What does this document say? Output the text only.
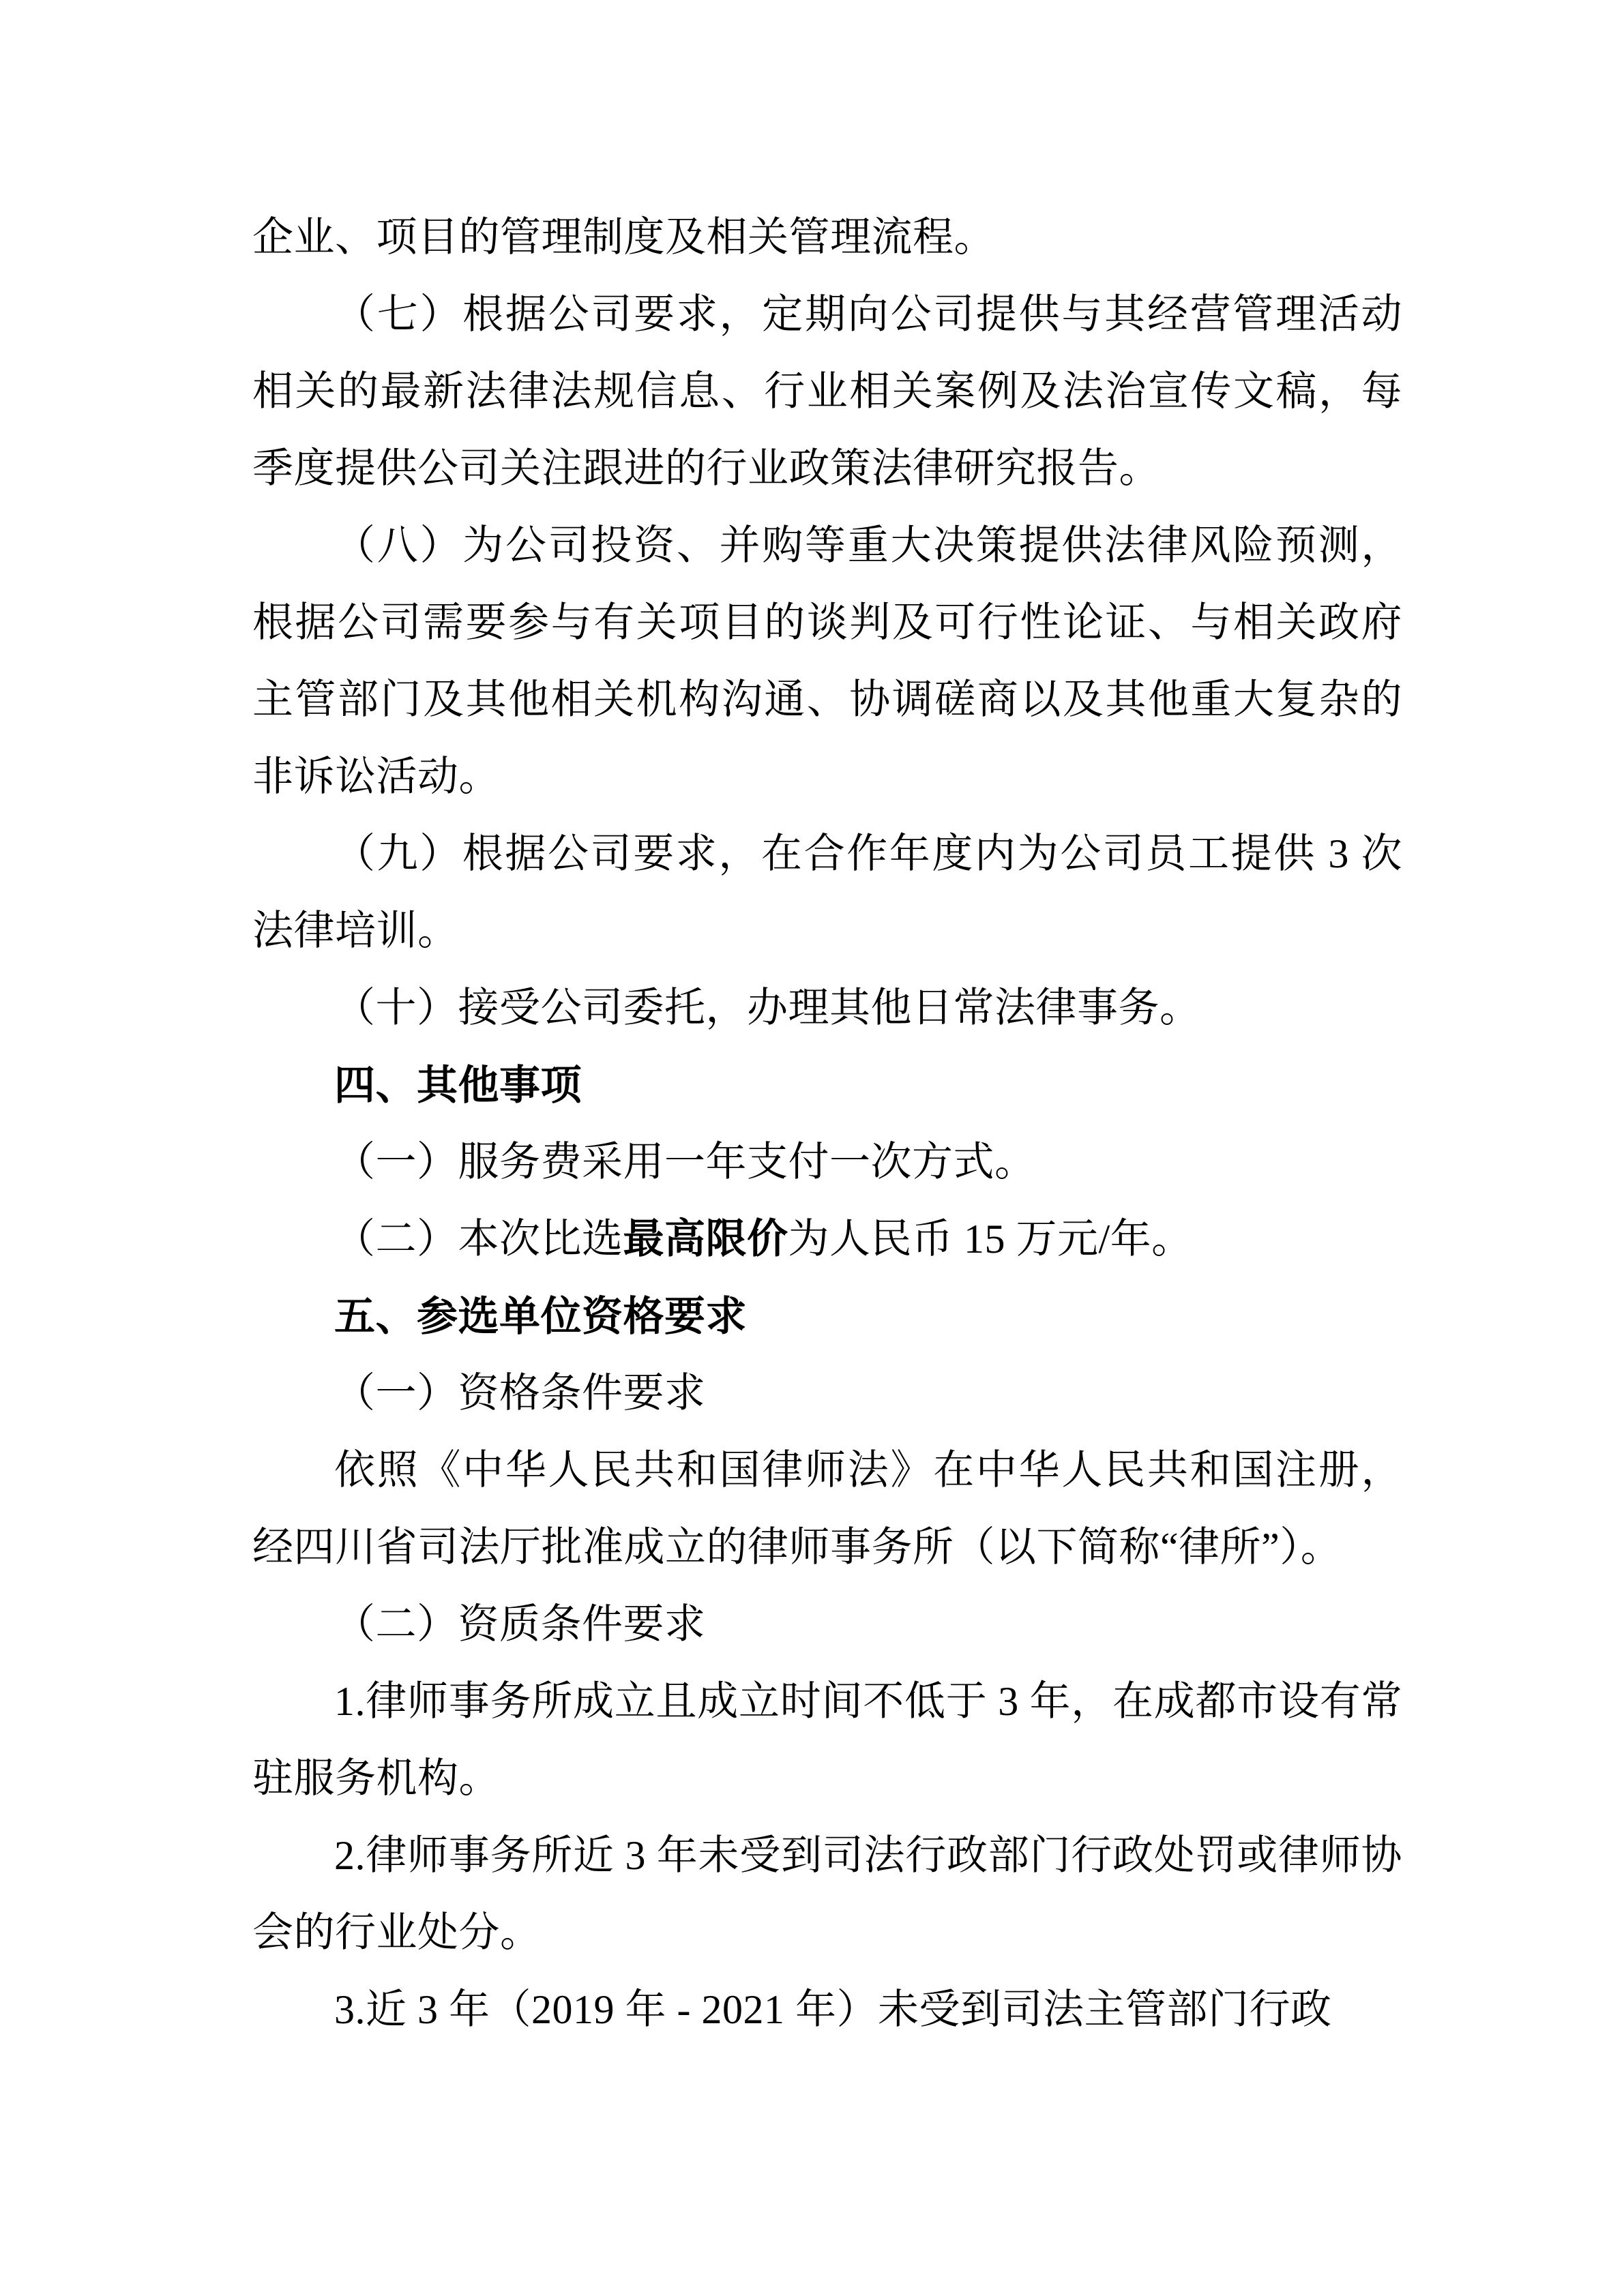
企业、项目的管理制度及相关管理流程。

（七）根据公司要求，定期向公司提供与其经营管理活动相关的最新法律法规信息、行业相关案例及法治宣传文稿，每季度提供公司关注跟进的行业政策法律研究报告。

（八）为公司投资、并购等重大决策提供法律风险预测，根据公司需要参与有关项目的谈判及可行性论证、与相关政府主管部门及其他相关机构沟通、协调磋商以及其他重大复杂的非诉讼活动。

（九）根据公司要求，在合作年度内为公司员工提供 3 次法律培训。

（十）接受公司委托，办理其他日常法律事务。

四、其他事项

（一）服务费采用一年支付一次方式。

（二）本次比选最高限价为人民币 15 万元/年。

五、参选单位资格要求

（一）资格条件要求

依照《中华人民共和国律师法》在中华人民共和国注册，经四川省司法厅批准成立的律师事务所（以下简称“律所”）。

（二）资质条件要求

1.律师事务所成立且成立时间不低于 3 年，在成都市设有常驻服务机构。

2.律师事务所近 3 年未受到司法行政部门行政处罚或律师协会的行业处分。

3.近 3 年（2019 年 - 2021 年）未受到司法主管部门行政
